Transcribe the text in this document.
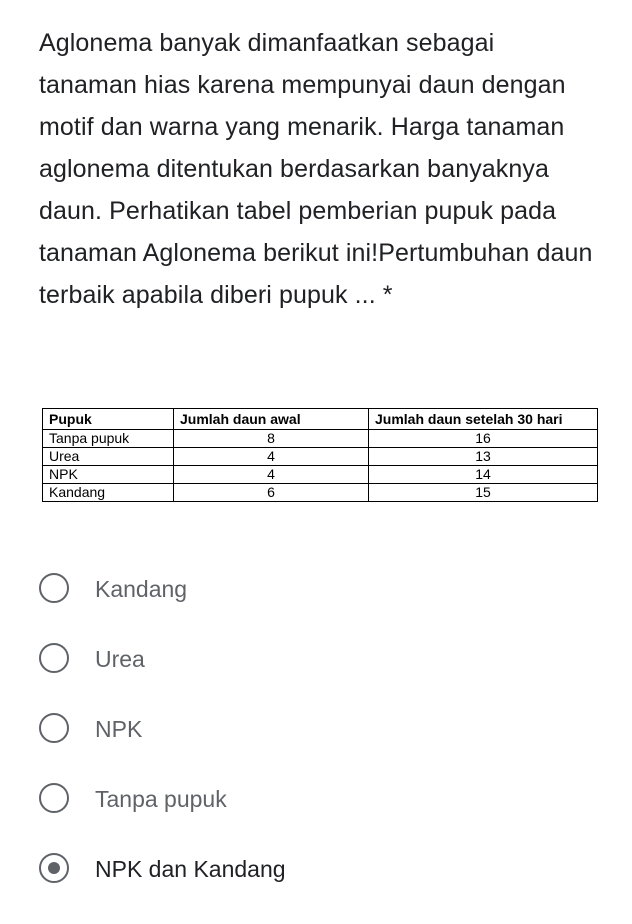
Aglonema banyak dimanfaatkan sebagai tanaman hias karena mempunyai daun dengan motif dan warna yang menarik. Harga tanaman aglonema ditentukan berdasarkan banyaknya daun. Perhatikan tabel pemberian pupuk pada tanaman Aglonema berikut ini!Pertumbuhan daun terbaik apabila diberi pupuk ... *
Pupuk	Jumlah daun awal	Jumlah daun setelah 30 hari
Tanpa pupuk	8	16
Urea	4	13
NPK	4	14
Kandang	6	15
Kandang
Urea
NPK
Tanpa pupuk
NPK dan Kandang
